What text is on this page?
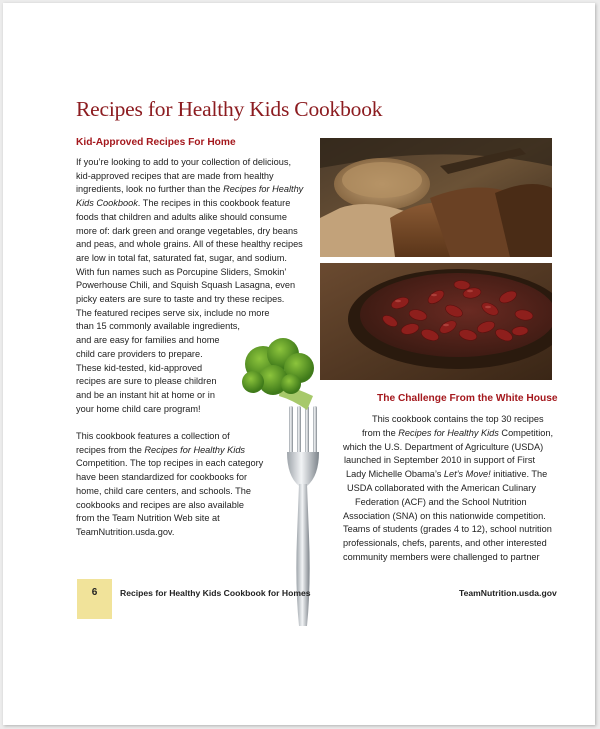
Recipes for Healthy Kids Cookbook
Kid-Approved Recipes For Home
If you’re looking to add to your collection of delicious,
kid-approved recipes that are made from healthy
ingredients, look no further than the Recipes for Healthy
Kids Cookbook. The recipes in this cookbook feature
foods that children and adults alike should consume
more of: dark green and orange vegetables, dry beans
and peas, and whole grains. All of these healthy recipes
are low in total fat, saturated fat, sugar, and sodium.
With fun names such as Porcupine Sliders, Smokin’
Powerhouse Chili, and Squish Squash Lasagna, even
picky eaters are sure to taste and try these recipes.
The featured recipes serve six, include no more
than 15 commonly available ingredients,
and are easy for families and home
child care providers to prepare.
These kid-tested, kid-approved
recipes are sure to please children
and be an instant hit at home or in
your home child care program!
This cookbook features a collection of
recipes from the Recipes for Healthy Kids
Competition. The top recipes in each category
have been standardized for cookbooks for
home, child care centers, and schools. The
cookbooks and recipes are also available
from the Team Nutrition Web site at
TeamNutrition.usda.gov.
The Challenge From the White House
This cookbook contains the top 30 recipes
from the Recipes for Healthy Kids Competition,
which the U.S. Department of Agriculture (USDA)
launched in September 2010 in support of First
Lady Michelle Obama’s Let’s Move! initiative. The
USDA collaborated with the American Culinary
Federation (ACF) and the School Nutrition
Association (SNA) on this nationwide competition.
Teams of students (grades 4 to 12), school nutrition
professionals, chefs, parents, and other interested
community members were challenged to partner
6	Recipes for Healthy Kids Cookbook for Homes	TeamNutrition.usda.gov
